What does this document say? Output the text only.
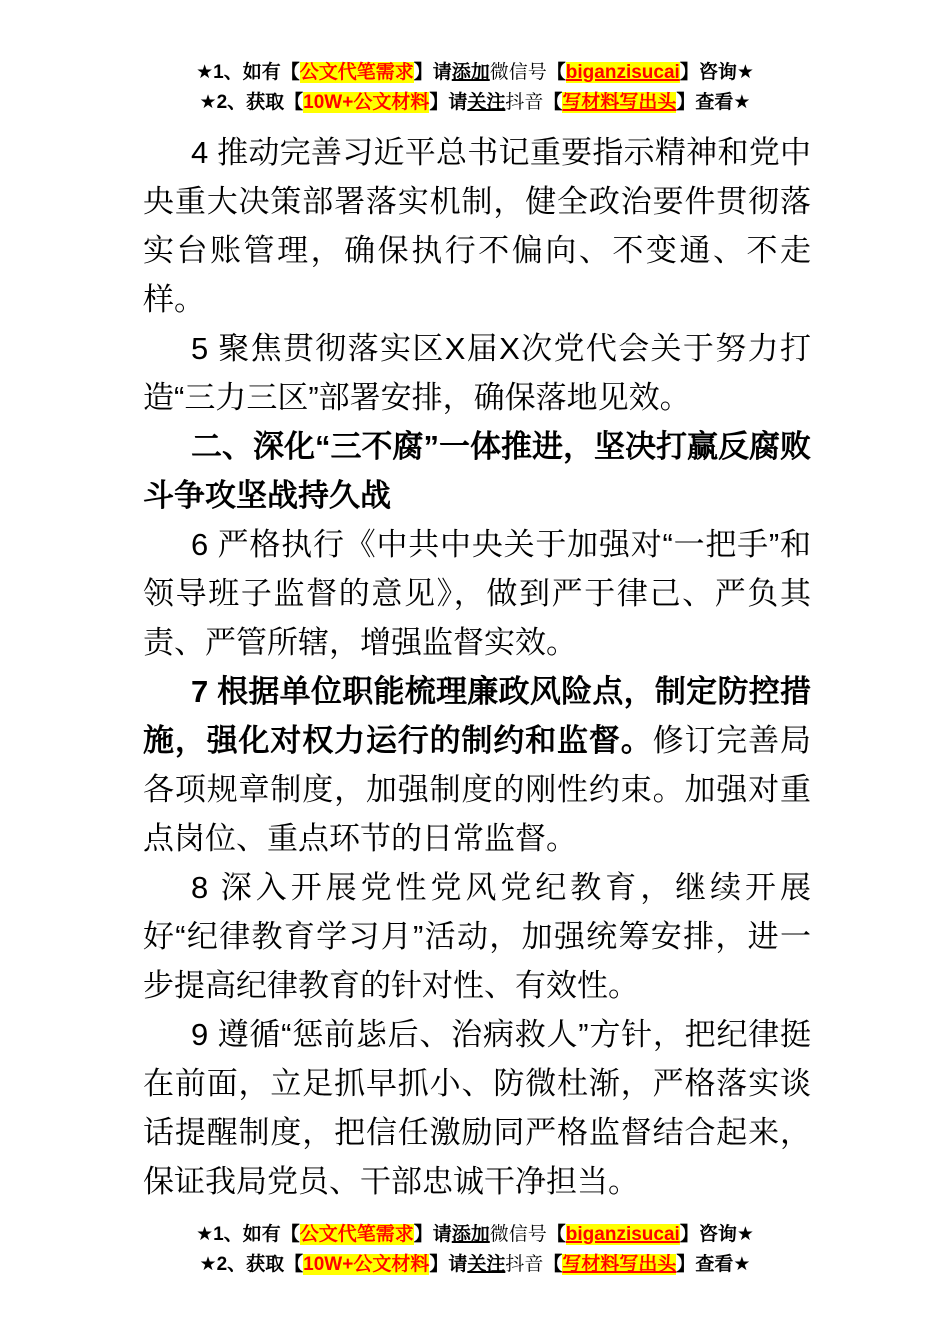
★1、如有【公文代笔需求】请添加微信号【biganzisucai】咨询★
★2、获取【10W+公文材料】请关注抖音【写材料写出头】查看★

4 推动完善习近平总书记重要指示精神和党中央重大决策部署落实机制，健全政治要件贯彻落实台账管理，确保执行不偏向、不变通、不走样。

5 聚焦贯彻落实区X届X次党代会关于努力打造“三力三区”部署安排，确保落地见效。

二、深化“三不腐”一体推进，坚决打赢反腐败斗争攻坚战持久战

6 严格执行《中共中央关于加强对“一把手”和领导班子监督的意见》，做到严于律己、严负其责、严管所辖，增强监督实效。

7 根据单位职能梳理廉政风险点，制定防控措施，强化对权力运行的制约和监督。修订完善局各项规章制度，加强制度的刚性约束。加强对重点岗位、重点环节的日常监督。

8 深入开展党性党风党纪教育，继续开展好“纪律教育学习月”活动，加强统筹安排，进一步提高纪律教育的针对性、有效性。

9 遵循“惩前毖后、治病救人”方针，把纪律挺在前面，立足抓早抓小、防微杜渐，严格落实谈话提醒制度，把信任激励同严格监督结合起来，保证我局党员、干部忠诚干净担当。

★1、如有【公文代笔需求】请添加微信号【biganzisucai】咨询★
★2、获取【10W+公文材料】请关注抖音【写材料写出头】查看★
